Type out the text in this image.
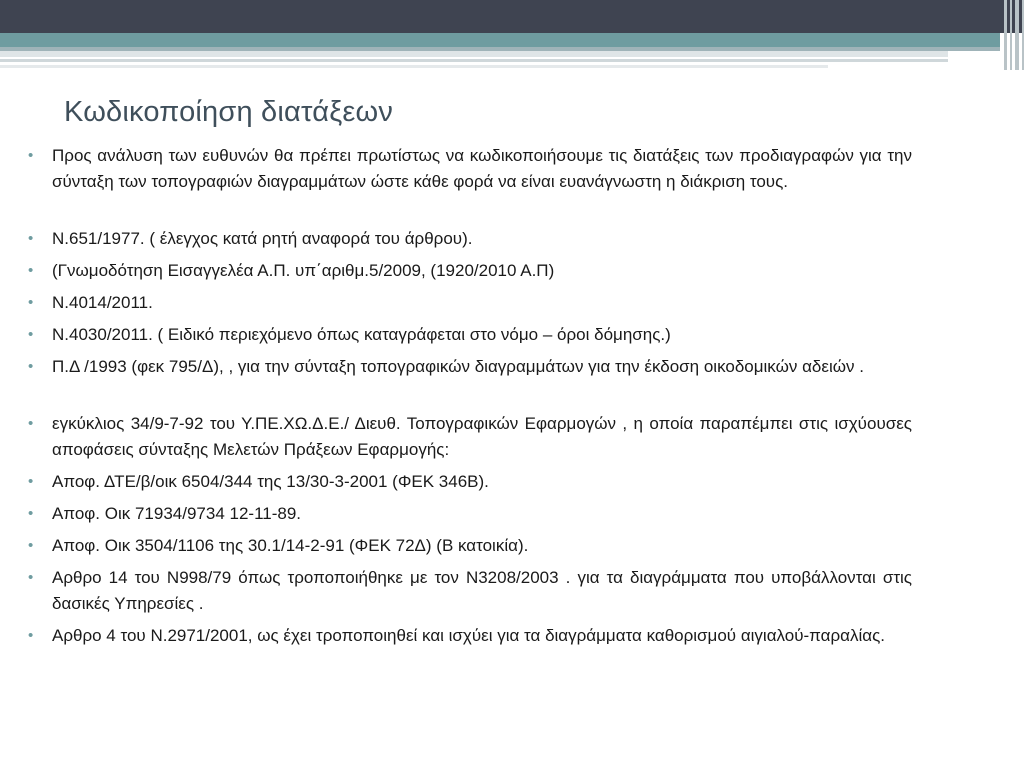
Κωδικοποίηση διατάξεων
• Προς ανάλυση των ευθυνών θα πρέπει πρωτίστως να κωδικοποιήσουμε τις διατάξεις των προδιαγραφών για την σύνταξη των τοπογραφιών διαγραμμάτων ώστε κάθε φορά να είναι ευανάγνωστη η διάκριση τους.
• Ν.651/1977. ( έλεγχος κατά ρητή αναφορά του άρθρου).
• (Γνωμοδότηση Εισαγγελέα Α.Π. υπ΄αριθμ.5/2009, (1920/2010 Α.Π)
• Ν.4014/2011.
• Ν.4030/2011. ( Ειδικό περιεχόμενο όπως καταγράφεται στο νόμο – όροι δόμησης.)
• Π.Δ /1993 (φεκ 795/Δ), , για την σύνταξη τοπογραφικών διαγραμμάτων για την έκδοση οικοδομικών αδειών .
• εγκύκλιος 34/9-7-92 του Υ.ΠΕ.ΧΩ.Δ.Ε./ Διευθ. Τοπογραφικών Εφαρμογών , η οποία παραπέμπει στις ισχύουσες αποφάσεις σύνταξης Μελετών Πράξεων Εφαρμογής:
• Αποφ. ΔΤΕ/β/οικ 6504/344 της 13/30-3-2001 (ΦΕΚ 346Β).
• Αποφ. Οικ 71934/9734 12-11-89.
• Αποφ. Οικ 3504/1106 της 30.1/14-2-91 (ΦΕΚ 72Δ) (Β κατοικία).
• Αρθρο 14 του Ν998/79 όπως τροποποιήθηκε με τον Ν3208/2003 . για τα διαγράμματα που υποβάλλονται στις δασικές Υπηρεσίες .
• Αρθρο 4 του Ν.2971/2001, ως έχει τροποποιηθεί και ισχύει για τα διαγράμματα καθορισμού αιγιαλού-παραλίας.
